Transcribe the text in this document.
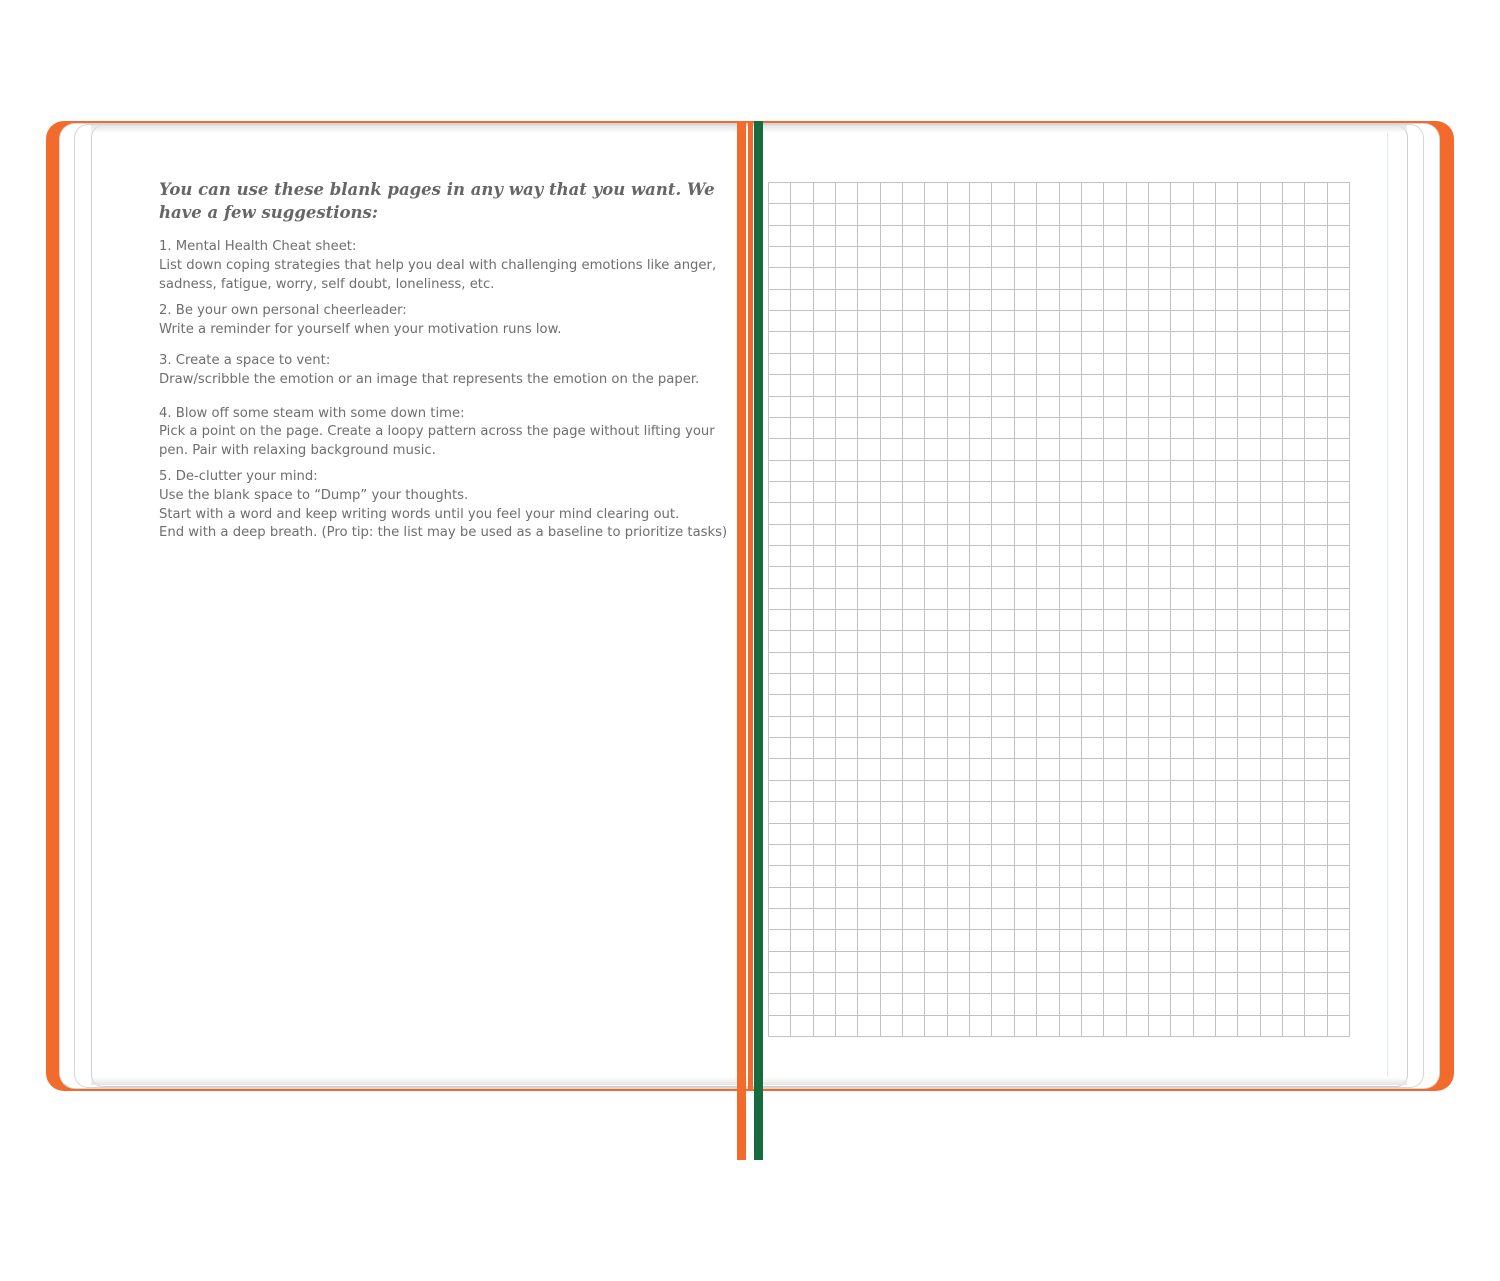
You can use these blank pages in any way that you want. We have a few suggestions:

1. Mental Health Cheat sheet:
List down coping strategies that help you deal with challenging emotions like anger, sadness, fatigue, worry, self doubt, loneliness, etc.
2. Be your own personal cheerleader:
Write a reminder for yourself when your motivation runs low.
3. Create a space to vent:
Draw/scribble the emotion or an image that represents the emotion on the paper.
4. Blow off some steam with some down time:
Pick a point on the page. Create a loopy pattern across the page without lifting your pen. Pair with relaxing background music.
5. De-clutter your mind:
Use the blank space to “Dump” your thoughts.
Start with a word and keep writing words until you feel your mind clearing out.
End with a deep breath. (Pro tip: the list may be used as a baseline to prioritize tasks)
